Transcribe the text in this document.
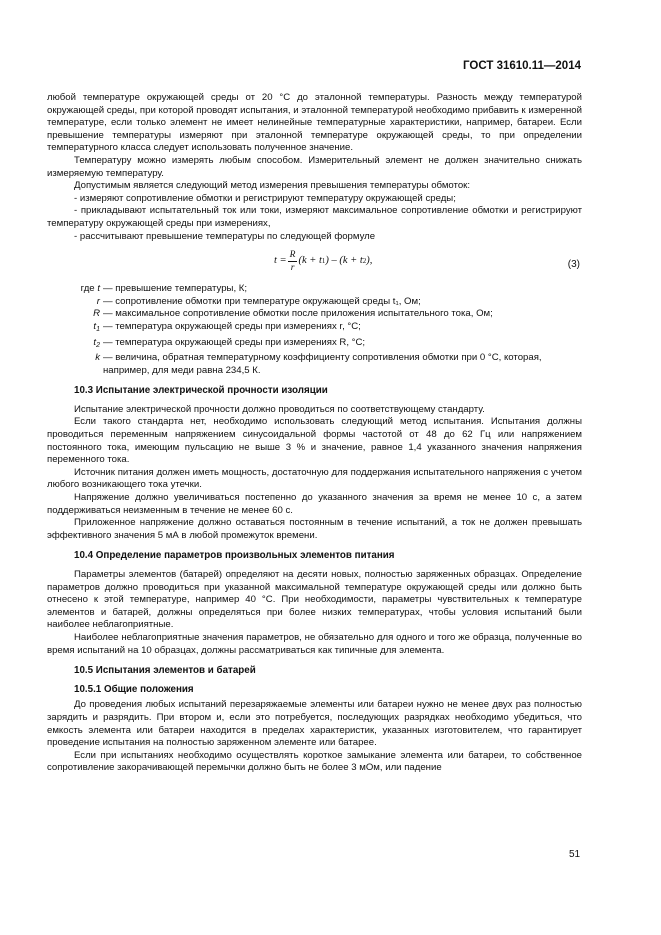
ГОСТ 31610.11—2014

любой температуре окружающей среды от 20 °С до эталонной температуры. Разность между температурой окружающей среды, при которой проводят испытания, и эталонной температурой необходимо прибавить к измеренной температуре, если только элемент не имеет нелинейные температурные характеристики, например, батареи. Если превышение температуры измеряют при эталонной температуре окружающей среды, то при определении температурного класса следует использовать полученное значение.

Температуру можно измерять любым способом. Измерительный элемент не должен значительно снижать измеряемую температуру.

Допустимым является следующий метод измерения превышения температуры обмоток:

- измеряют сопротивление обмотки и регистрируют температуру окружающей среды;

- прикладывают испытательный ток или токи, измеряют максимальное сопротивление обмотки и регистрируют температуру окружающей среды при измерениях,

- рассчитывают превышение температуры по следующей формуле

$t = \frac{R}{r} (k + t$ 1 ) – (k + t 2 ),	(3)
где t — превышение температуры, К;
r — сопротивление обмотки при температуре окружающей среды t₁, Ом;
R — максимальное сопротивление обмотки после приложения испытательного тока, Ом;
$t_1$ — температура окружающей среды при измерениях r, °С;
$t_2$ — температура окружающей среды при измерениях R, °С;
k — величина, обратная температурному коэффициенту сопротивления обмотки при 0 °С, которая, например, для меди равна 234,5 К.
10.3 Испытание электрической прочности изоляции

Испытание электрической прочности должно проводиться по соответствующему стандарту.

Если такого стандарта нет, необходимо использовать следующий метод испытания. Испытания должны проводиться переменным напряжением синусоидальной формы частотой от 48 до 62 Гц или напряжением постоянного тока, имеющим пульсацию не выше 3 % и значение, равное 1,4 указанного значения напряжения переменного тока.

Источник питания должен иметь мощность, достаточную для поддержания испытательного напряжения с учетом любого возникающего тока утечки.

Напряжение должно увеличиваться постепенно до указанного значения за время не менее 10 с, а затем поддерживаться неизменным в течение не менее 60 с.

Приложенное напряжение должно оставаться постоянным в течение испытаний, а ток не должен превышать эффективного значения 5 мА в любой промежуток времени.

10.4 Определение параметров произвольных элементов питания

Параметры элементов (батарей) определяют на десяти новых, полностью заряженных образцах. Определение параметров должно проводиться при указанной максимальной температуре окружающей среды или должно быть отнесено к этой температуре, например 40 °С. При необходимости, параметры чувствительных к температуре элементов и батарей, должны определяться при более низких температурах, чтобы условия испытаний были наиболее неблагоприятные.

Наиболее неблагоприятные значения параметров, не обязательно для одного и того же образца, полученные во время испытаний на 10 образцах, должны рассматриваться как типичные для элемента.

10.5 Испытания элементов и батарей
10.5.1 Общие положения

До проведения любых испытаний перезаряжаемые элементы или батареи нужно не менее двух раз полностью зарядить и разрядить. При втором и, если это потребуется, последующих разрядках необходимо убедиться, что емкость элемента или батареи находится в пределах характеристик, указанных изготовителем, что гарантирует проведение испытания на полностью заряженном элементе или батарее.

Если при испытаниях необходимо осуществлять короткое замыкание элемента или батареи, то собственное сопротивление закорачивающей перемычки должно быть не более 3 мОм, или падение

51
